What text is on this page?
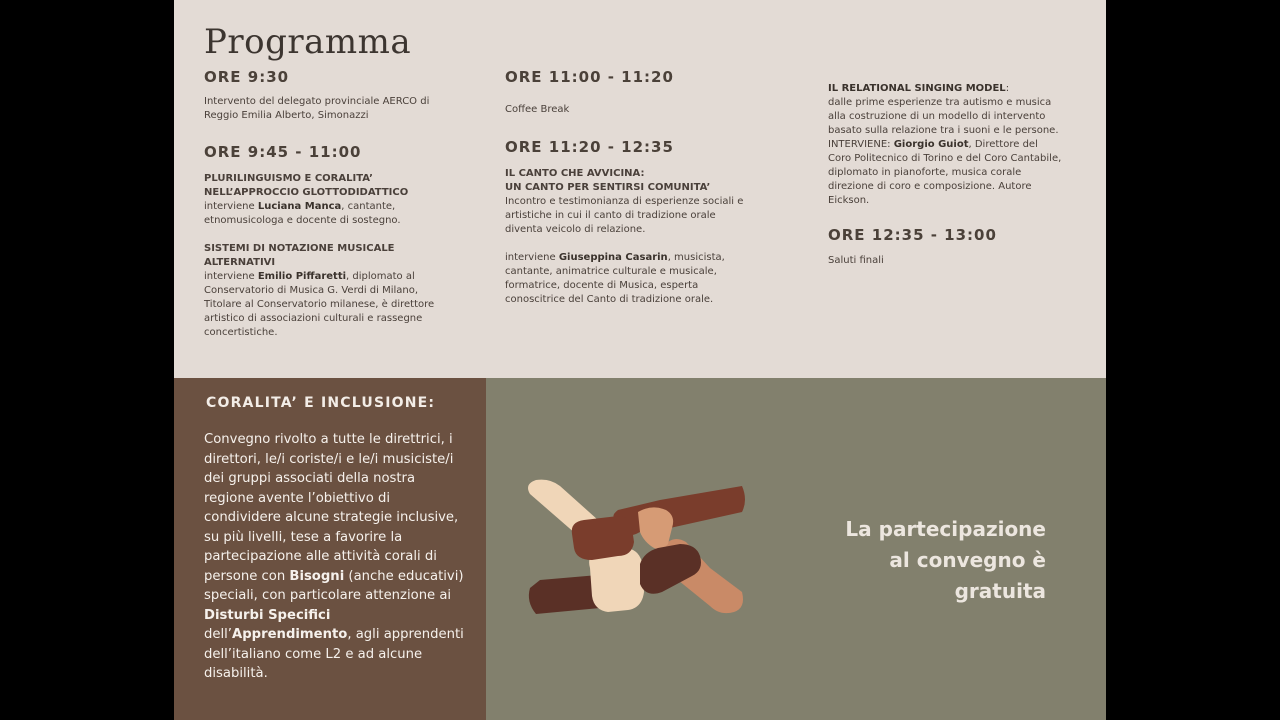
Programma

ORE 9:30

Intervento del delegato provinciale AERCO di Reggio Emilia Alberto, Simonazzi

ORE 9:45 - 11:00

PLURILINGUISMO E CORALITA’ NELL’APPROCCIO GLOTTODIDATTICO
interviene Luciana Manca, cantante, etnomusicologa e docente di sostegno.

SISTEMI DI NOTAZIONE MUSICALE ALTERNATIVI
interviene Emilio Piffaretti, diplomato al Conservatorio di Musica G. Verdi di Milano, Titolare al Conservatorio milanese, è direttore artistico di associazioni culturali e rassegne concertistiche.

ORE 11:00 - 11:20

Coffee Break

ORE 11:20 - 12:35

IL CANTO CHE AVVICINA:
UN CANTO PER SENTIRSI COMUNITA’
Incontro e testimonianza di esperienze sociali e artistiche in cui il canto di tradizione orale diventa veicolo di relazione.

interviene Giuseppina Casarin, musicista, cantante, animatrice culturale e musicale, formatrice, docente di Musica, esperta conoscitrice del Canto di tradizione orale.

IL RELATIONAL SINGING MODEL:
dalle prime esperienze tra autismo e musica alla costruzione di un modello di intervento basato sulla relazione tra i suoni e le persone. INTERVIENE: Giorgio Guiot, Direttore del Coro Politecnico di Torino e del Coro Cantabile, diplomato in pianoforte, musica corale direzione di coro e composizione. Autore Eickson.

ORE 12:35 - 13:00

Saluti finali

CORALITA’ E INCLUSIONE:

Convegno rivolto a tutte le direttrici, i direttori, le/i coriste/i e le/i musiciste/i dei gruppi associati della nostra regione avente l’obiettivo di condividere alcune strategie inclusive, su più livelli, tese a favorire la partecipazione alle attività corali di persone con Bisogni (anche educativi) speciali, con particolare attenzione ai Disturbi Specifici dell’Apprendimento, agli apprendenti dell’italiano come L2 e ad alcune disabilità.

La partecipazione
al convegno è
gratuita
